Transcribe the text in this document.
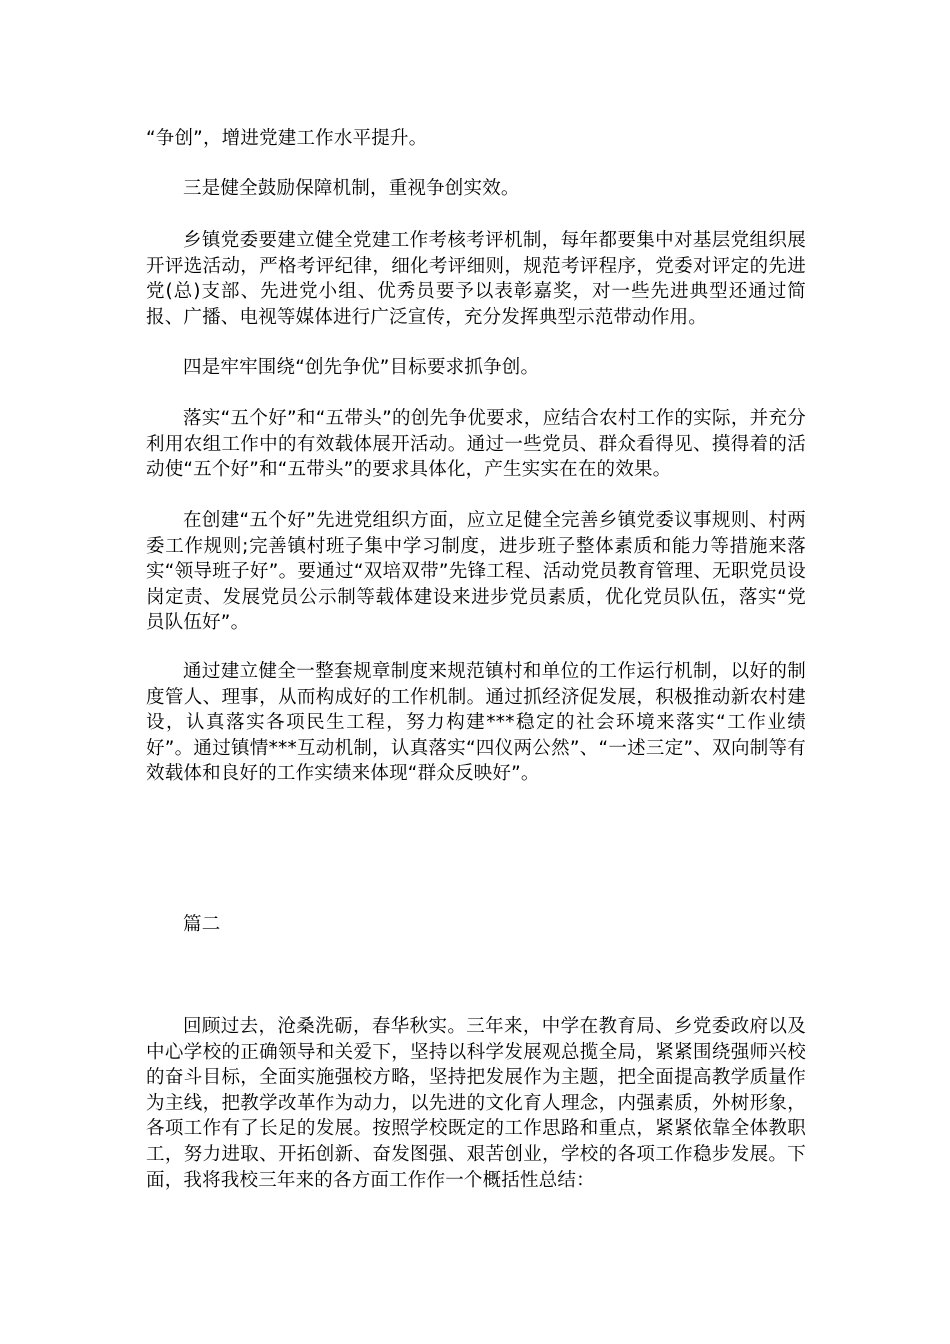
“争创”，增进党建工作水平提升。

三是健全鼓励保障机制，重视争创实效。

乡镇党委要建立健全党建工作考核考评机制，每年都要集中对基层党组织展开评选活动，严格考评纪律，细化考评细则，规范考评程序，党委对评定的先进党(总)支部、先进党小组、优秀员要予以表彰嘉奖，对一些先进典型还通过简报、广播、电视等媒体进行广泛宣传，充分发挥典型示范带动作用。

四是牢牢围绕“创先争优”目标要求抓争创。

落实“五个好”和“五带头”的创先争优要求，应结合农村工作的实际，并充分利用农组工作中的有效载体展开活动。通过一些党员、群众看得见、摸得着的活动使“五个好”和“五带头”的要求具体化，产生实实在在的效果。

在创建“五个好”先进党组织方面，应立足健全完善乡镇党委议事规则、村两委工作规则;完善镇村班子集中学习制度，进步班子整体素质和能力等措施来落实“领导班子好”。要通过“双培双带”先锋工程、活动党员教育管理、无职党员设岗定责、发展党员公示制等载体建设来进步党员素质，优化党员队伍，落实“党员队伍好”。

通过建立健全一整套规章制度来规范镇村和单位的工作运行机制，以好的制度管人、理事，从而构成好的工作机制。通过抓经济促发展，积极推动新农村建设，认真落实各项民生工程，努力构建***稳定的社会环境来落实“工作业绩好”。通过镇情***互动机制，认真落实“四仪两公然”、“一述三定”、双向制等有效载体和良好的工作实绩来体现“群众反映好”。

篇二

回顾过去，沧桑洗砺，春华秋实。三年来，中学在教育局、乡党委政府以及中心学校的正确领导和关爱下，坚持以科学发展观总揽全局，紧紧围绕强师兴校的奋斗目标，全面实施强校方略，坚持把发展作为主题，把全面提高教学质量作为主线，把教学改革作为动力，以先进的文化育人理念，内强素质，外树形象，各项工作有了长足的发展。按照学校既定的工作思路和重点，紧紧依靠全体教职工，努力进取、开拓创新、奋发图强、艰苦创业，学校的各项工作稳步发展。下面，我将我校三年来的各方面工作作一个概括性总结：
